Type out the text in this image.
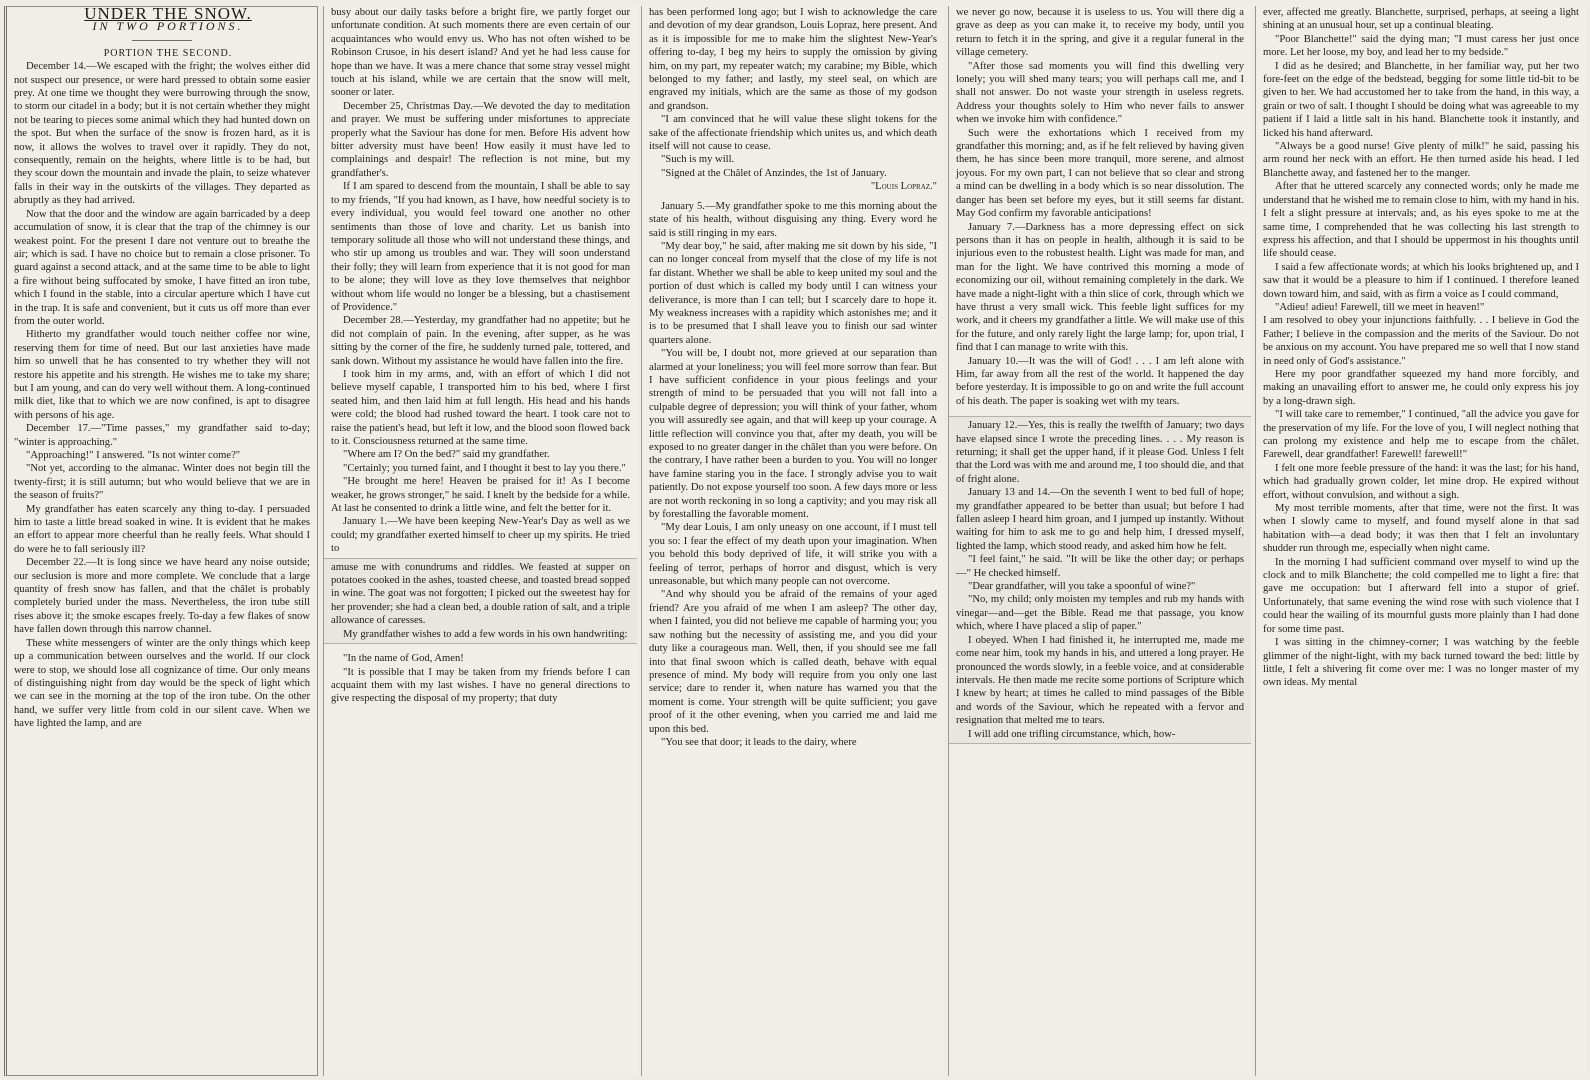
UNDER THE SNOW.

IN TWO PORTIONS.

PORTION THE SECOND.

December 14.—We escaped with the fright; the wolves either did not suspect our presence, or were hard pressed to obtain some easier prey. At one time we thought they were burrowing through the snow, to storm our citadel in a body; but it is not certain whether they might not be tearing to pieces some animal which they had hunted down on the spot. But when the surface of the snow is frozen hard, as it is now, it allows the wolves to travel over it rapidly. They do not, consequently, remain on the heights, where little is to be had, but they scour down the mountain and invade the plain, to seize whatever falls in their way in the outskirts of the villages. They departed as abruptly as they had arrived.

Now that the door and the window are again barricaded by a deep accumulation of snow, it is clear that the trap of the chimney is our weakest point. For the present I dare not venture out to breathe the air; which is sad. I have no choice but to remain a close prisoner. To guard against a second attack, and at the same time to be able to light a fire without being suffocated by smoke, I have fitted an iron tube, which I found in the stable, into a circular aperture which I have cut in the trap. It is safe and convenient, but it cuts us off more than ever from the outer world.

Hitherto my grandfather would touch neither coffee nor wine, reserving them for time of need. But our last anxieties have made him so unwell that he has consented to try whether they will not restore his appetite and his strength. He wishes me to take my share; but I am young, and can do very well without them. A long-continued milk diet, like that to which we are now confined, is apt to disagree with persons of his age.

December 17.—"Time passes," my grandfather said to-day; "winter is approaching."

"Approaching!" I answered. "Is not winter come?"

"Not yet, according to the almanac. Winter does not begin till the twenty-first; it is still autumn; but who would believe that we are in the season of fruits?"

My grandfather has eaten scarcely any thing to-day. I persuaded him to taste a little bread soaked in wine. It is evident that he makes an effort to appear more cheerful than he really feels. What should I do were he to fall seriously ill?

December 22.—It is long since we have heard any noise outside; our seclusion is more and more complete. We conclude that a large quantity of fresh snow has fallen, and that the châlet is probably completely buried under the mass. Nevertheless, the iron tube still rises above it; the smoke escapes freely. To-day a few flakes of snow have fallen down through this narrow channel.

These white messengers of winter are the only things which keep up a communication between ourselves and the world. If our clock were to stop, we should lose all cognizance of time. Our only means of distinguishing night from day would be the speck of light which we can see in the morning at the top of the iron tube. On the other hand, we suffer very little from cold in our silent cave. When we have lighted the lamp, and are

busy about our daily tasks before a bright fire, we partly forget our unfortunate condition. At such moments there are even certain of our acquaintances who would envy us. Who has not often wished to be Robinson Crusoe, in his desert island? And yet he had less cause for hope than we have. It was a mere chance that some stray vessel might touch at his island, while we are certain that the snow will melt, sooner or later.

December 25, Christmas Day.—We devoted the day to meditation and prayer. We must be suffering under misfortunes to appreciate properly what the Saviour has done for men. Before His advent how bitter adversity must have been! How easily it must have led to complainings and despair! The reflection is not mine, but my grandfather's.

If I am spared to descend from the mountain, I shall be able to say to my friends, "If you had known, as I have, how needful society is to every individual, you would feel toward one another no other sentiments than those of love and charity. Let us banish into temporary solitude all those who will not understand these things, and who stir up among us troubles and war. They will soon understand their folly; they will learn from experience that it is not good for man to be alone; they will love as they love themselves that neighbor without whom life would no longer be a blessing, but a chastisement of Providence."

December 28.—Yesterday, my grandfather had no appetite; but he did not complain of pain. In the evening, after supper, as he was sitting by the corner of the fire, he suddenly turned pale, tottered, and sank down. Without my assistance he would have fallen into the fire.

I took him in my arms, and, with an effort of which I did not believe myself capable, I transported him to his bed, where I first seated him, and then laid him at full length. His head and his hands were cold; the blood had rushed toward the heart. I took care not to raise the patient's head, but left it low, and the blood soon flowed back to it. Consciousness returned at the same time.

"Where am I? On the bed?" said my grandfather.

"Certainly; you turned faint, and I thought it best to lay you there."

"He brought me here! Heaven be praised for it! As I become weaker, he grows stronger," he said. I knelt by the bedside for a while. At last he consented to drink a little wine, and felt the better for it.

January 1.—We have been keeping New-Year's Day as well as we could; my grandfather exerted himself to cheer up my spirits. He tried to

amuse me with conundrums and riddles. We feasted at supper on potatoes cooked in the ashes, toasted cheese, and toasted bread sopped in wine. The goat was not forgotten; I picked out the sweetest hay for her provender; she had a clean bed, a double ration of salt, and a triple allowance of caresses.

My grandfather wishes to add a few words in his own handwriting:

"In the name of God, Amen!

"It is possible that I may be taken from my friends before I can acquaint them with my last wishes. I have no general directions to give respecting the disposal of my property; that duty

has been performed long ago; but I wish to acknowledge the care and devotion of my dear grandson, Louis Lopraz, here present. And as it is impossible for me to make him the slightest New-Year's offering to-day, I beg my heirs to supply the omission by giving him, on my part, my repeater watch; my carabine; my Bible, which belonged to my father; and lastly, my steel seal, on which are engraved my initials, which are the same as those of my godson and grandson.

"I am convinced that he will value these slight tokens for the sake of the affectionate friendship which unites us, and which death itself will not cause to cease.

"Such is my will.

"Signed at the Châlet of Anzindes, the 1st of January.

"Louis Lopraz."

January 5.—My grandfather spoke to me this morning about the state of his health, without disguising any thing. Every word he said is still ringing in my ears.

"My dear boy," he said, after making me sit down by his side, "I can no longer conceal from myself that the close of my life is not far distant. Whether we shall be able to keep united my soul and the portion of dust which is called my body until I can witness your deliverance, is more than I can tell; but I scarcely dare to hope it. My weakness increases with a rapidity which astonishes me; and it is to be presumed that I shall leave you to finish our sad winter quarters alone.

"You will be, I doubt not, more grieved at our separation than alarmed at your loneliness; you will feel more sorrow than fear. But I have sufficient confidence in your pious feelings and your strength of mind to be persuaded that you will not fall into a culpable degree of depression; you will think of your father, whom you will assuredly see again, and that will keep up your courage. A little reflection will convince you that, after my death, you will be exposed to no greater danger in the châlet than you were before. On the contrary, I have rather been a burden to you. You will no longer have famine staring you in the face. I strongly advise you to wait patiently. Do not expose yourself too soon. A few days more or less are not worth reckoning in so long a captivity; and you may risk all by forestalling the favorable moment.

"My dear Louis, I am only uneasy on one account, if I must tell you so: I fear the effect of my death upon your imagination. When you behold this body deprived of life, it will strike you with a feeling of terror, perhaps of horror and disgust, which is very unreasonable, but which many people can not overcome.

"And why should you be afraid of the remains of your aged friend? Are you afraid of me when I am asleep? The other day, when I fainted, you did not believe me capable of harming you; you saw nothing but the necessity of assisting me, and you did your duty like a courageous man. Well, then, if you should see me fall into that final swoon which is called death, behave with equal presence of mind. My body will require from you only one last service; dare to render it, when nature has warned you that the moment is come. Your strength will be quite sufficient; you gave proof of it the other evening, when you carried me and laid me upon this bed.

"You see that door; it leads to the dairy, where

we never go now, because it is useless to us. You will there dig a grave as deep as you can make it, to receive my body, until you return to fetch it in the spring, and give it a regular funeral in the village cemetery.

"After those sad moments you will find this dwelling very lonely; you will shed many tears; you will perhaps call me, and I shall not answer. Do not waste your strength in useless regrets. Address your thoughts solely to Him who never fails to answer when we invoke him with confidence."

Such were the exhortations which I received from my grandfather this morning; and, as if he felt relieved by having given them, he has since been more tranquil, more serene, and almost joyous. For my own part, I can not believe that so clear and strong a mind can be dwelling in a body which is so near dissolution. The danger has been set before my eyes, but it still seems far distant. May God confirm my favorable anticipations!

January 7.—Darkness has a more depressing effect on sick persons than it has on people in health, although it is said to be injurious even to the robustest health. Light was made for man, and man for the light. We have contrived this morning a mode of economizing our oil, without remaining completely in the dark. We have made a night-light with a thin slice of cork, through which we have thrust a very small wick. This feeble light suffices for my work, and it cheers my grandfather a little. We will make use of this for the future, and only rarely light the large lamp; for, upon trial, I find that I can manage to write with this.

January 10.—It was the will of God! . . . I am left alone with Him, far away from all the rest of the world. It happened the day before yesterday. It is impossible to go on and write the full account of his death. The paper is soaking wet with my tears.

January 12.—Yes, this is really the twelfth of January; two days have elapsed since I wrote the preceding lines. . . . My reason is returning; it shall get the upper hand, if it please God. Unless I felt that the Lord was with me and around me, I too should die, and that of fright alone.

January 13 and 14.—On the seventh I went to bed full of hope; my grandfather appeared to be better than usual; but before I had fallen asleep I heard him groan, and I jumped up instantly. Without waiting for him to ask me to go and help him, I dressed myself, lighted the lamp, which stood ready, and asked him how he felt.

"I feel faint," he said. "It will be like the other day; or perhaps—" He checked himself.

"Dear grandfather, will you take a spoonful of wine?"

"No, my child; only moisten my temples and rub my hands with vinegar—and—get the Bible. Read me that passage, you know which, where I have placed a slip of paper."

I obeyed. When I had finished it, he interrupted me, made me come near him, took my hands in his, and uttered a long prayer. He pronounced the words slowly, in a feeble voice, and at considerable intervals. He then made me recite some portions of Scripture which I knew by heart; at times he called to mind passages of the Bible and words of the Saviour, which he repeated with a fervor and resignation that melted me to tears.

I will add one trifling circumstance, which, how-

ever, affected me greatly. Blanchette, surprised, perhaps, at seeing a light shining at an unusual hour, set up a continual bleating.

"Poor Blanchette!" said the dying man; "I must caress her just once more. Let her loose, my boy, and lead her to my bedside."

I did as he desired; and Blanchette, in her familiar way, put her two fore-feet on the edge of the bedstead, begging for some little tid-bit to be given to her. We had accustomed her to take from the hand, in this way, a grain or two of salt. I thought I should be doing what was agreeable to my patient if I laid a little salt in his hand. Blanchette took it instantly, and licked his hand afterward.

"Always be a good nurse! Give plenty of milk!" he said, passing his arm round her neck with an effort. He then turned aside his head. I led Blanchette away, and fastened her to the manger.

After that he uttered scarcely any connected words; only he made me understand that he wished me to remain close to him, with my hand in his. I felt a slight pressure at intervals; and, as his eyes spoke to me at the same time, I comprehended that he was collecting his last strength to express his affection, and that I should be uppermost in his thoughts until life should cease.

I said a few affectionate words; at which his looks brightened up, and I saw that it would be a pleasure to him if I continued. I therefore leaned down toward him, and said, with as firm a voice as I could command,

"Adieu! adieu! Farewell, till we meet in heaven!"

I am resolved to obey your injunctions faithfully. . . I believe in God the Father; I believe in the compassion and the merits of the Saviour. Do not be anxious on my account. You have prepared me so well that I now stand in need only of God's assistance."

Here my poor grandfather squeezed my hand more forcibly, and making an unavailing effort to answer me, he could only express his joy by a long-drawn sigh.

"I will take care to remember," I continued, "all the advice you gave for the preservation of my life. For the love of you, I will neglect nothing that can prolong my existence and help me to escape from the châlet. Farewell, dear grandfather! Farewell! farewell!"

I felt one more feeble pressure of the hand: it was the last; for his hand, which had gradually grown colder, let mine drop. He expired without effort, without convulsion, and without a sigh.

My most terrible moments, after that time, were not the first. It was when I slowly came to myself, and found myself alone in that sad habitation with—a dead body; it was then that I felt an involuntary shudder run through me, especially when night came.

In the morning I had sufficient command over myself to wind up the clock and to milk Blanchette; the cold compelled me to light a fire: that gave me occupation: but I afterward fell into a stupor of grief. Unfortunately, that same evening the wind rose with such violence that I could hear the wailing of its mournful gusts more plainly than I had done for some time past.

I was sitting in the chimney-corner; I was watching by the feeble glimmer of the night-light, with my back turned toward the bed: little by little, I felt a shivering fit come over me: I was no longer master of my own ideas. My mental
